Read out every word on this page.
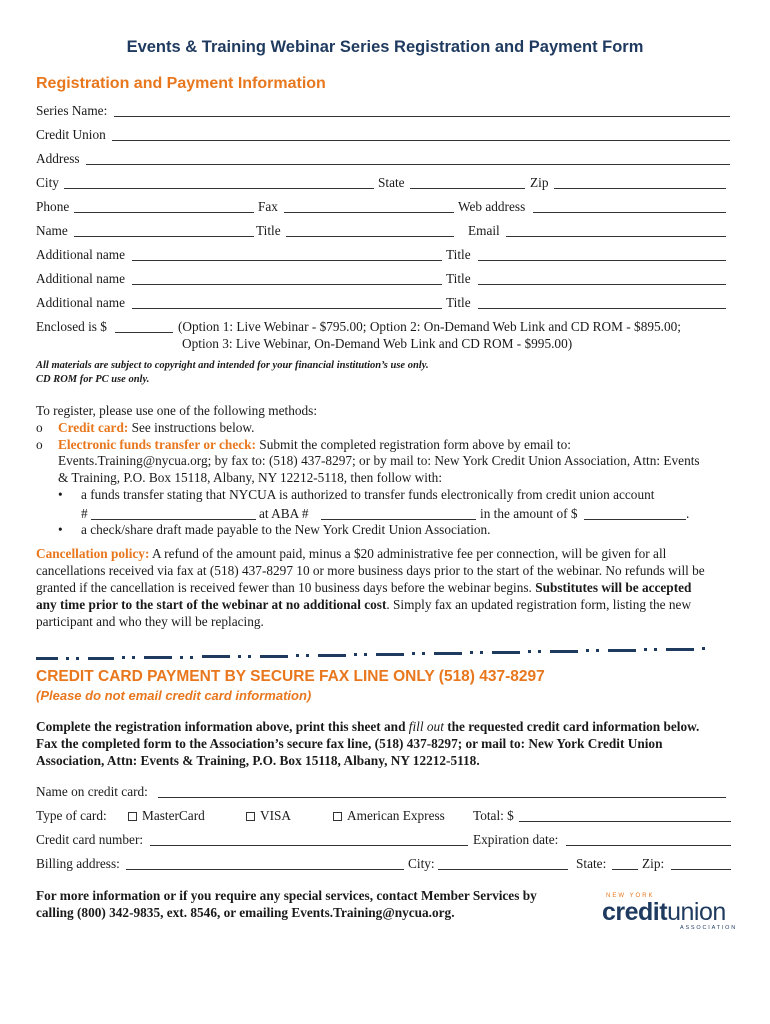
Events & Training Webinar Series Registration and Payment Form
Registration and Payment Information
Series Name:
Credit Union
Address
City	State	Zip
Phone	Fax	Web address
Name	Title	Email
Additional name	Title
Additional name	Title
Additional name	Title
Enclosed is $	(Option 1: Live Webinar - $795.00; Option 2: On-Demand Web Link and CD ROM - $895.00;
Option 3: Live Webinar, On-Demand Web Link and CD ROM - $995.00)
All materials are subject to copyright and intended for your financial institution’s use only.
CD ROM for PC use only.
To register, please use one of the following methods:
o Credit card: See instructions below.
o Electronic funds transfer or check: Submit the completed registration form above by email to:
Events.Training@nycua.org; by fax to: (518) 437-8297; or by mail to: New York Credit Union Association, Attn: Events
& Training, P.O. Box 15118, Albany, NY 12212-5118, then follow with:
• a funds transfer stating that NYCUA is authorized to transfer funds electronically from credit union account
#	at ABA #	in the amount of $	.
• a check/share draft made payable to the New York Credit Union Association.
Cancellation policy: A refund of the amount paid, minus a $20 administrative fee per connection, will be given for all
cancellations received via fax at (518) 437-8297 10 or more business days prior to the start of the webinar. No refunds will be
granted if the cancellation is received fewer than 10 business days before the webinar begins. Substitutes will be accepted
any time prior to the start of the webinar at no additional cost. Simply fax an updated registration form, listing the new
participant and who they will be replacing.
CREDIT CARD PAYMENT BY SECURE FAX LINE ONLY (518) 437-8297
(Please do not email credit card information)
Complete the registration information above, print this sheet and fill out the requested credit card information below.
Fax the completed form to the Association’s secure fax line, (518) 437-8297; or mail to: New York Credit Union
Association, Attn: Events & Training, P.O. Box 15118, Albany, NY 12212-5118.
Name on credit card:
Type of card:	MasterCard	VISA	American Express Total: $
Credit card number:	Expiration date:
Billing address:	City:	State:	Zip:
For more information or if you require any special services, contact Member Services by
calling (800) 342-9835, ext. 8546, or emailing Events.Training@nycua.org.
NEW YORK
creditunion
ASSOCIATION
